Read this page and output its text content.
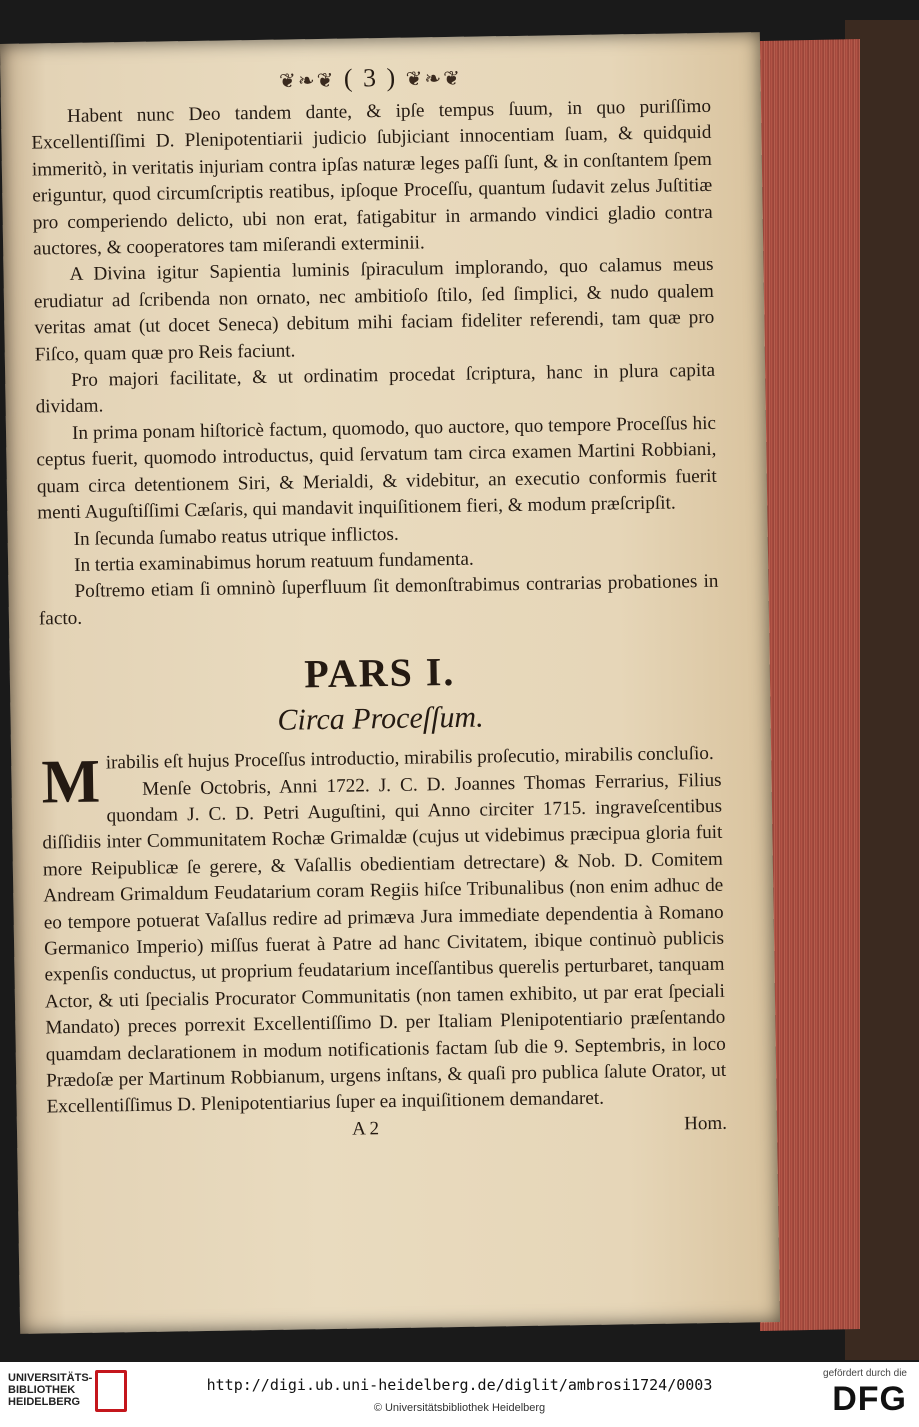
❦❧❦ ( 3 ) ❦❧❦

Habent nunc Deo tandem dante, & ipſe tempus ſuum, in quo puriſſimo Excellentiſſimi D. Plenipotentiarii judicio ſubjiciant innocentiam ſuam, & quidquid immeritò, in veritatis injuriam contra ipſas naturæ leges paſſi ſunt, & in conſtantem ſpem eriguntur, quod circumſcriptis reatibus, ipſoque Proceſſu, quantum ſudavit zelus Juſtitiæ pro comperiendo delicto, ubi non erat, fatigabitur in armando vindici gladio contra auctores, & cooperatores tam miſerandi exterminii.

A Divina igitur Sapientia luminis ſpiraculum implorando, quo calamus meus erudiatur ad ſcribenda non ornato, nec ambitioſo ſtilo, ſed ſimplici, & nudo qualem veritas amat (ut docet Seneca) debitum mihi faciam fideliter referendi, tam quæ pro Fiſco, quam quæ pro Reis faciunt.

Pro majori facilitate, & ut ordinatim procedat ſcriptura, hanc in plura capita dividam.

In prima ponam hiſtoricè factum, quomodo, quo auctore, quo tempore Proceſſus hic ceptus fuerit, quomodo introductus, quid ſervatum tam circa examen Martini Robbiani, quam circa detentionem Siri, & Merialdi, & videbitur, an executio conformis fuerit menti Auguſtiſſimi Cæſaris, qui mandavit inquiſitionem fieri, & modum præſcripſit.

In ſecunda ſumabo reatus utrique inflictos.

In tertia examinabimus horum reatuum fundamenta.

Poſtremo etiam ſi omninò ſuperfluum ſit demonſtrabimus contrarias probationes in facto.

PARS I.
Circa Proceſſum.

Mirabilis eſt hujus Proceſſus introductio, mirabilis proſecutio, mirabilis concluſio.

Menſe Octobris, Anni 1722. J. C. D. Joannes Thomas Ferrarius, Filius quondam J. C. D. Petri Auguſtini, qui Anno circiter 1715. ingraveſcentibus diſſidiis inter Communitatem Rochæ Grimaldæ (cujus ut videbimus præcipua gloria fuit more Reipublicæ ſe gerere, & Vaſallis obedientiam detrectare) & Nob. D. Comitem Andream Grimaldum Feudatarium coram Regiis hiſce Tribunalibus (non enim adhuc de eo tempore potuerat Vaſallus redire ad primæva Jura immediate dependentia à Romano Germanico Imperio) miſſus fuerat à Patre ad hanc Civitatem, ibique continuò publicis expenſis conductus, ut proprium feudatarium inceſſantibus querelis perturbaret, tanquam Actor, & uti ſpecialis Procurator Communitatis (non tamen exhibito, ut par erat ſpeciali Mandato) preces porrexit Excellentiſſimo D. per Italiam Plenipotentiario præſentando quamdam declarationem in modum notificationis factam ſub die 9. Septembris, in loco Prædoſæ per Martinum Robbianum, urgens inſtans, & quaſi pro publica ſalute Orator, ut Excellentiſſimus D. Plenipotentiarius ſuper ea inquiſitionem demandaret.

A 2	Hom.
UNIVERSITÄTS-
BIBLIOTHEK
HEIDELBERG
http://digi.ub.uni-heidelberg.de/diglit/ambrosi1724/0003
© Universitätsbibliothek Heidelberg
gefördert durch die
DFG
